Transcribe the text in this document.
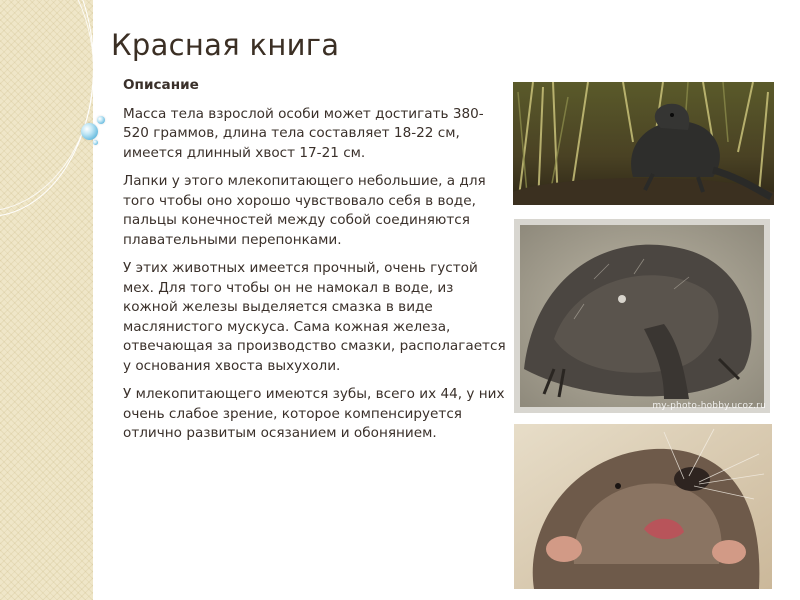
Красная книга
Описание

Масса тела взрослой особи может достигать 380-520 граммов, длина тела составляет 18-22 см, имеется длинный хвост 17-21 см.

Лапки у этого млекопитающего небольшие, а для того чтобы оно хорошо чувствовало себя в воде, пальцы конечностей между собой соединяются плавательными перепонками.

У этих животных имеется прочный, очень густой мех. Для того чтобы он не намокал в воде, из кожной железы выделяется смазка в виде маслянистого мускуса. Сама кожная железа, отвечающая за производство смазки, располагается у основания хвоста выхухоли.

У млекопитающего имеются зубы, всего их 44, у них очень слабое зрение, которое компенсируется отлично развитым осязанием и обонянием.

my-photo-hobby.ucoz.ru
